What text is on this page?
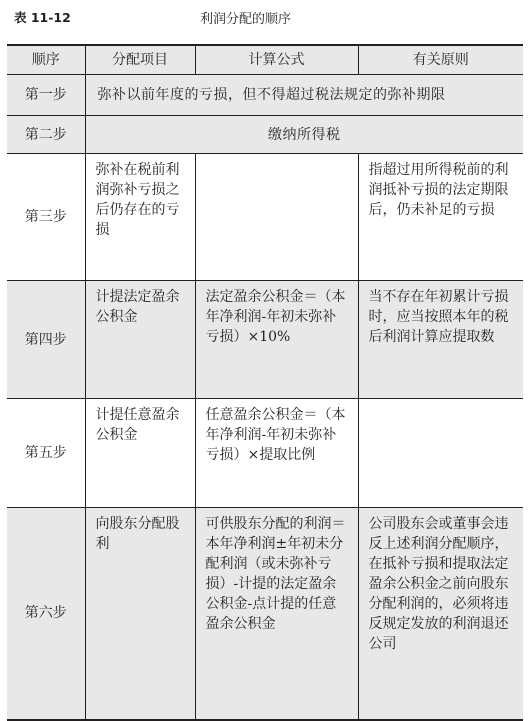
表 11-12	利润分配的顺序
顺序	分配项目	计算公式	有关原则
第一步	弥补以前年度的亏损，但不得超过税法规定的弥补期限		
第二步	缴纳所得税		
第三步	弥补在税前利润弥补亏损之后仍存在的亏损		指超过用所得税前的利润抵补亏损的法定期限后，仍未补足的亏损
第四步	计提法定盈余公积金	法定盈余公积金＝（本年净利润-年初未弥补亏损）×10%	当不存在年初累计亏损时，应当按照本年的税后利润计算应提取数
第五步	计提任意盈余公积金	任意盈余公积金＝（本年净利润-年初未弥补亏损）×提取比例	
第六步	向股东分配股利	可供股东分配的利润＝本年净利润±年初未分配利润（或未弥补亏损）-计提的法定盈余公积金-点计提的任意盈余公积金	公司股东会或董事会违反上述利润分配顺序，在抵补亏损和提取法定盈余公积金之前向股东分配利润的，必须将违反规定发放的利润退还公司
